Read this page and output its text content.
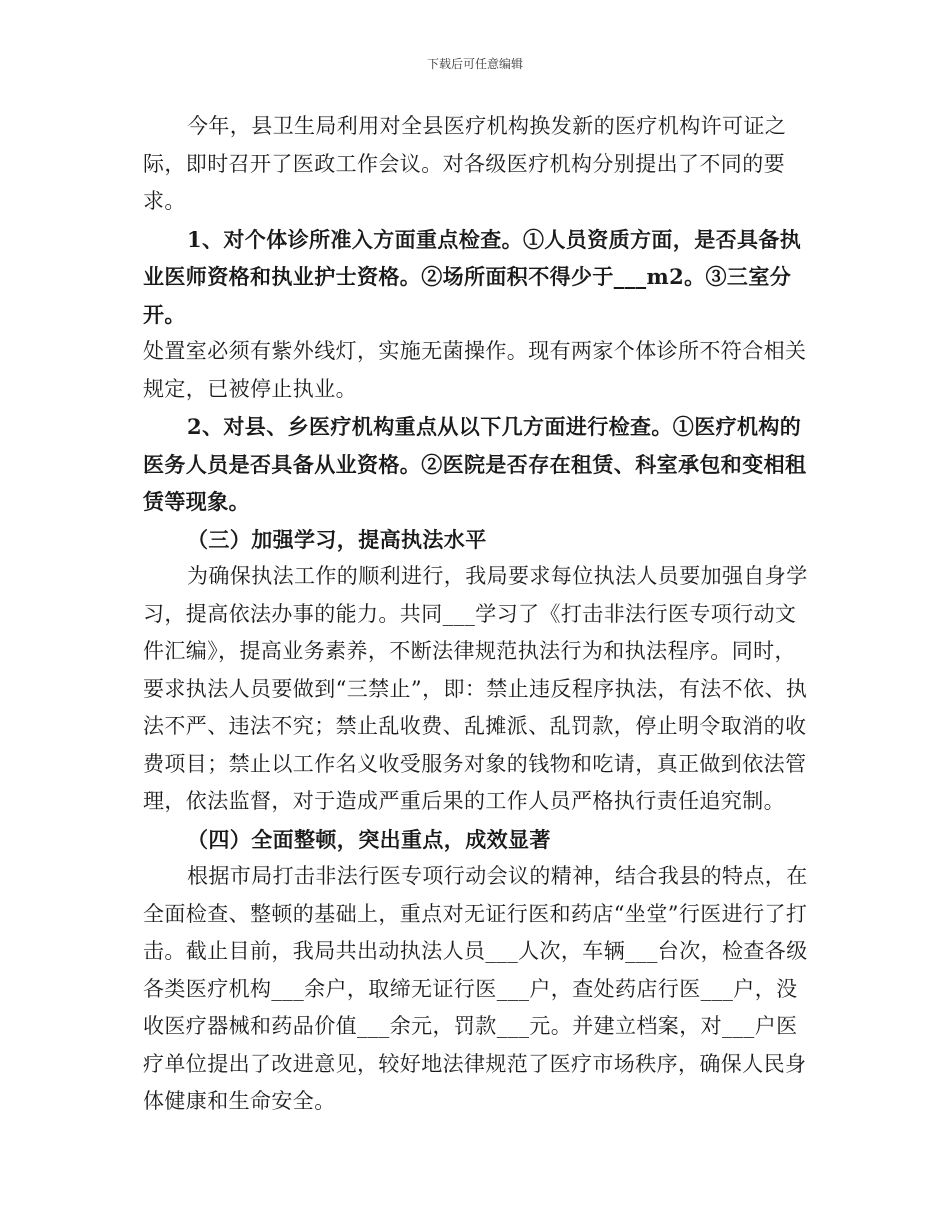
下载后可任意编辑

今年，县卫生局利用对全县医疗机构换发新的医疗机构许可证之际，即时召开了医政工作会议。对各级医疗机构分别提出了不同的要求。

1、对个体诊所准入方面重点检查。①人员资质方面，是否具备执业医师资格和执业护士资格。②场所面积不得少于___m2。③三室分开。

处置室必须有紫外线灯，实施无菌操作。现有两家个体诊所不符合相关规定，已被停止执业。

2、对县、乡医疗机构重点从以下几方面进行检查。①医疗机构的医务人员是否具备从业资格。②医院是否存在租赁、科室承包和变相租赁等现象。

（三）加强学习，提高执法水平

为确保执法工作的顺利进行，我局要求每位执法人员要加强自身学习，提高依法办事的能力。共同___学习了《打击非法行医专项行动文件汇编》，提高业务素养，不断法律规范执法行为和执法程序。同时，要求执法人员要做到“三禁止”，即：禁止违反程序执法，有法不依、执法不严、违法不究；禁止乱收费、乱摊派、乱罚款，停止明令取消的收费项目；禁止以工作名义收受服务对象的钱物和吃请，真正做到依法管理，依法监督，对于造成严重后果的工作人员严格执行责任追究制。

（四）全面整顿，突出重点，成效显著

根据市局打击非法行医专项行动会议的精神，结合我县的特点，在全面检查、整顿的基础上，重点对无证行医和药店“坐堂”行医进行了打击。截止目前，我局共出动执法人员___人次，车辆___台次，检查各级各类医疗机构___余户，取缔无证行医___户，查处药店行医___户，没收医疗器械和药品价值___余元，罚款___元。并建立档案，对___户医疗单位提出了改进意见，较好地法律规范了医疗市场秩序，确保人民身体健康和生命安全。
